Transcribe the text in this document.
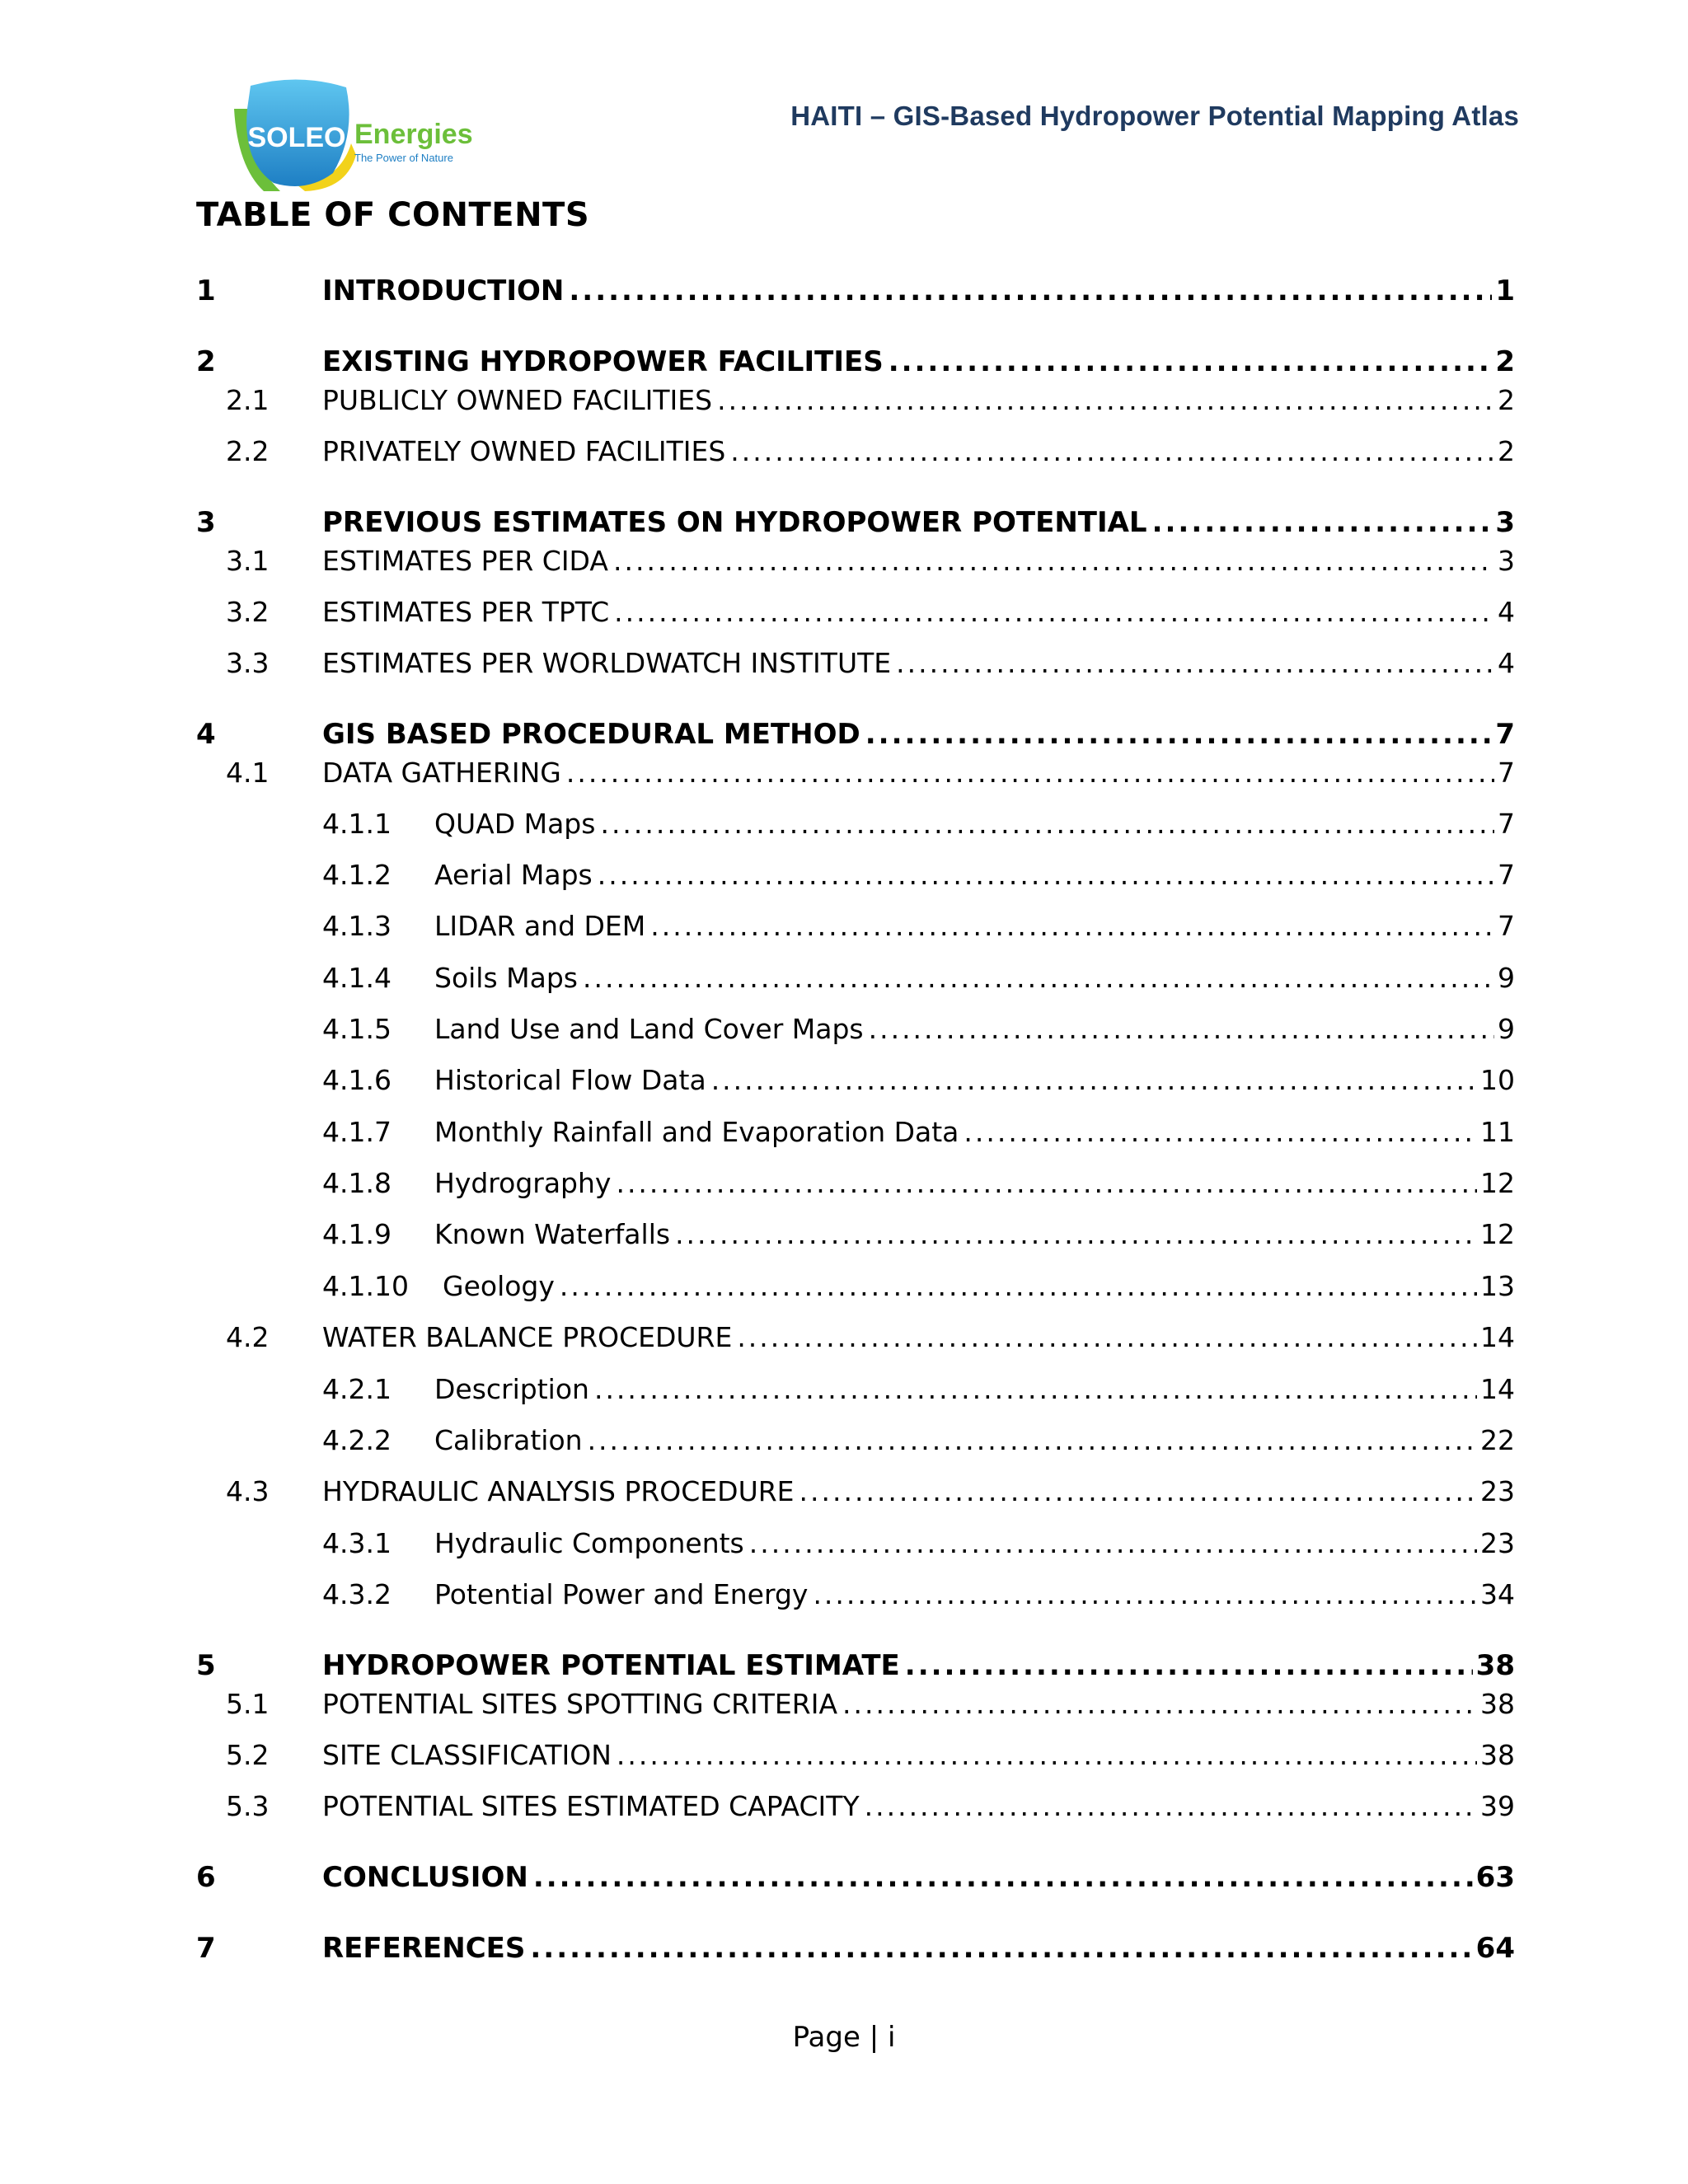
SOLEO Energies
The Power of Nature
HAITI – GIS-Based Hydropower Potential Mapping Atlas
TABLE OF CONTENTS
1	INTRODUCTION .....	1
2	EXISTING HYDROPOWER FACILITIES .....	2
2.1 PUBLICLY OWNED FACILITIES .....	2
2.2 PRIVATELY OWNED FACILITIES .....	2
3	PREVIOUS ESTIMATES ON HYDROPOWER POTENTIAL .....	3
3.1 ESTIMATES PER CIDA .....	3
3.2 ESTIMATES PER TPTC .....	4
3.3 ESTIMATES PER WORLDWATCH INSTITUTE .....	4
4	GIS BASED PROCEDURAL METHOD .....	7
4.1 DATA GATHERING .....	7
4.1.1 QUAD Maps .....	7
4.1.2 Aerial Maps .....	7
4.1.3 LIDAR and DEM .....	7
4.1.4 Soils Maps .....	9
4.1.5 Land Use and Land Cover Maps .....	9
4.1.6 Historical Flow Data .....	10
4.1.7 Monthly Rainfall and Evaporation Data .....	11
4.1.8 Hydrography .....	12
4.1.9 Known Waterfalls .....	12
4.1.10	Geology .....	13
4.2 WATER BALANCE PROCEDURE .....	14
4.2.1 Description .....	14
4.2.2 Calibration .....	22
4.3 HYDRAULIC ANALYSIS PROCEDURE .....	23
4.3.1 Hydraulic Components .....	23
4.3.2 Potential Power and Energy .....	34
5	HYDROPOWER POTENTIAL ESTIMATE .....	38
5.1 POTENTIAL SITES SPOTTING CRITERIA .....	38
5.2 SITE CLASSIFICATION .....	38
5.3 POTENTIAL SITES ESTIMATED CAPACITY .....	39
6	CONCLUSION .....	63
7	REFERENCES .....	64
Page | i
